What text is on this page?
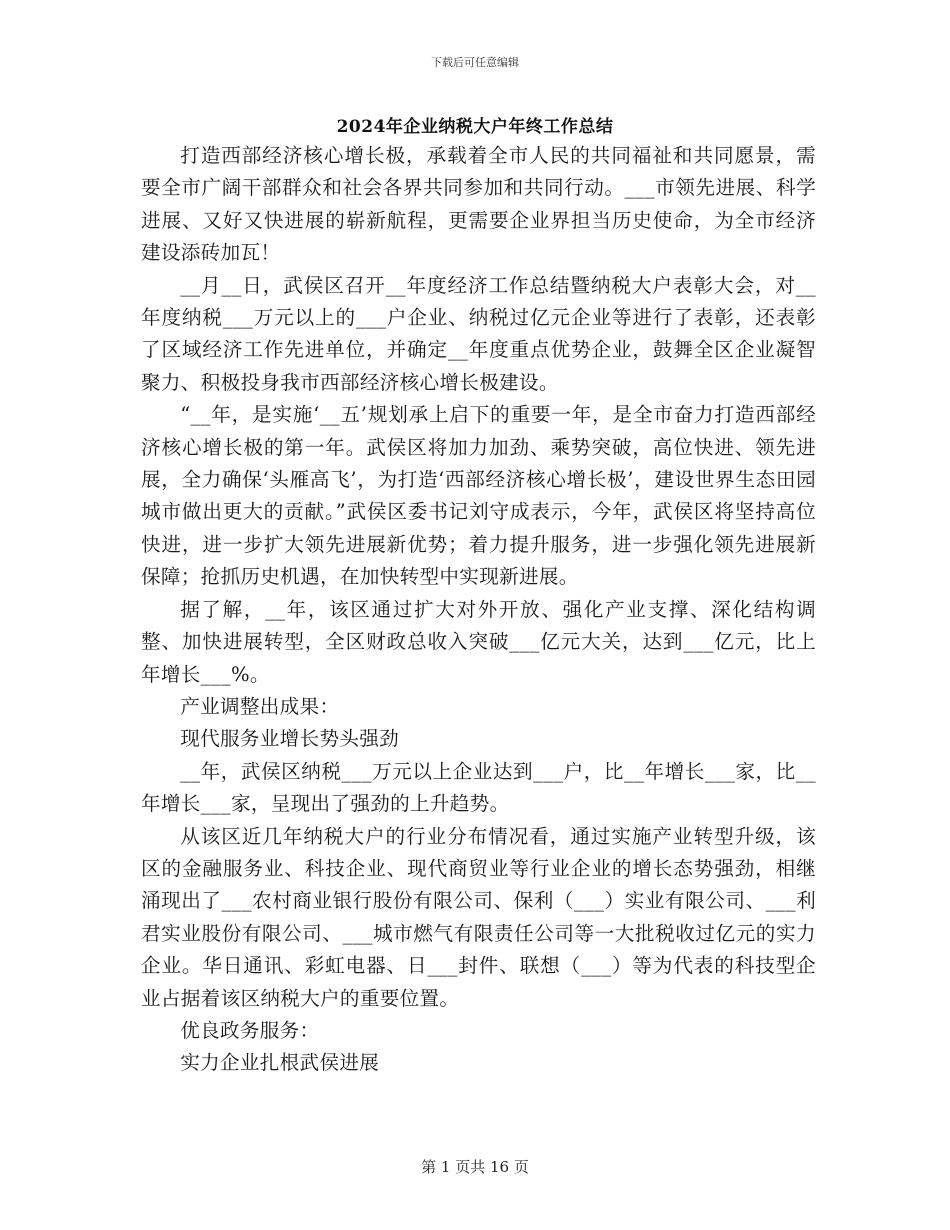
下载后可任意编辑
2024年企业纳税大户年终工作总结

打造西部经济核心增长极，承载着全市人民的共同福祉和共同愿景，需要全市广阔干部群众和社会各界共同参加和共同行动。___市领先进展、科学进展、又好又快进展的崭新航程，更需要企业界担当历史使命，为全市经济建设添砖加瓦！

__月__日，武侯区召开__年度经济工作总结暨纳税大户表彰大会，对__年度纳税___万元以上的___户企业、纳税过亿元企业等进行了表彰，还表彰了区域经济工作先进单位，并确定__年度重点优势企业，鼓舞全区企业凝智聚力、积极投身我市西部经济核心增长极建设。

“__年，是实施‘__五’规划承上启下的重要一年，是全市奋力打造西部经济核心增长极的第一年。武侯区将加力加劲、乘势突破，高位快进、领先进展，全力确保‘头雁高飞’，为打造‘西部经济核心增长极’，建设世界生态田园城市做出更大的贡献。”武侯区委书记刘守成表示，今年，武侯区将坚持高位快进，进一步扩大领先进展新优势；着力提升服务，进一步强化领先进展新保障；抢抓历史机遇，在加快转型中实现新进展。

据了解，__年，该区通过扩大对外开放、强化产业支撑、深化结构调整、加快进展转型，全区财政总收入突破___亿元大关，达到___亿元，比上年增长___%。

产业调整出成果：

现代服务业增长势头强劲

__年，武侯区纳税___万元以上企业达到___户，比__年增长___家，比__年增长___家，呈现出了强劲的上升趋势。

从该区近几年纳税大户的行业分布情况看，通过实施产业转型升级，该区的金融服务业、科技企业、现代商贸业等行业企业的增长态势强劲，相继涌现出了___农村商业银行股份有限公司、保利（___）实业有限公司、___利君实业股份有限公司、___城市燃气有限责任公司等一大批税收过亿元的实力企业。华日通讯、彩虹电器、日___封件、联想（___）等为代表的科技型企业占据着该区纳税大户的重要位置。

优良政务服务：

实力企业扎根武侯进展

第 1 页共 16 页
